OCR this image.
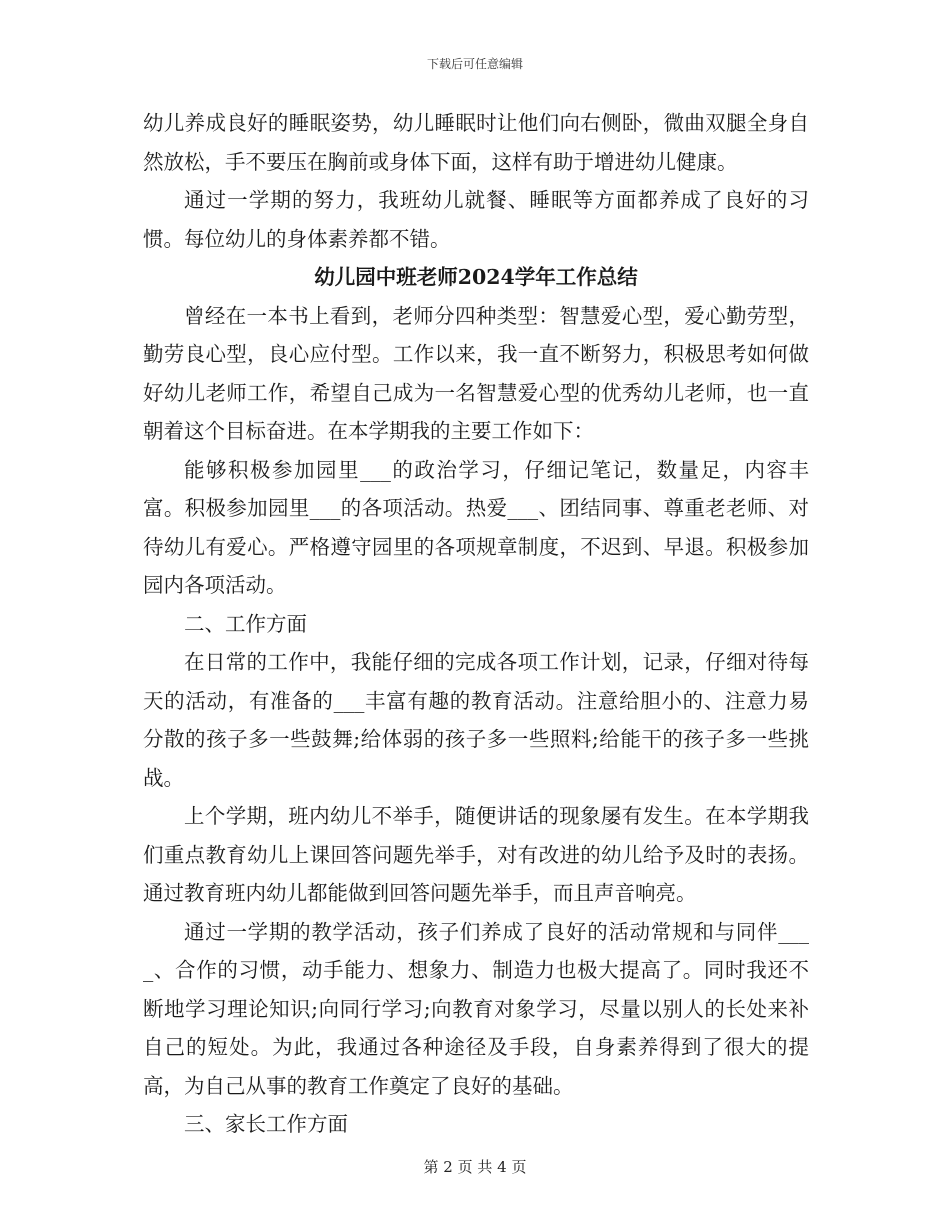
下载后可任意编辑

幼儿养成良好的睡眠姿势，幼儿睡眠时让他们向右侧卧，微曲双腿全身自然放松，手不要压在胸前或身体下面，这样有助于增进幼儿健康。

通过一学期的努力，我班幼儿就餐、睡眠等方面都养成了良好的习惯。每位幼儿的身体素养都不错。

幼儿园中班老师2024学年工作总结

曾经在一本书上看到，老师分四种类型：智慧爱心型，爱心勤劳型，勤劳良心型，良心应付型。工作以来，我一直不断努力，积极思考如何做好幼儿老师工作，希望自己成为一名智慧爱心型的优秀幼儿老师，也一直朝着这个目标奋进。在本学期我的主要工作如下：

能够积极参加园里___的政治学习，仔细记笔记，数量足，内容丰富。积极参加园里___的各项活动。热爱___、团结同事、尊重老老师、对待幼儿有爱心。严格遵守园里的各项规章制度，不迟到、早退。积极参加园内各项活动。

二、工作方面

在日常的工作中，我能仔细的完成各项工作计划，记录，仔细对待每天的活动，有准备的___丰富有趣的教育活动。注意给胆小的、注意力易分散的孩子多一些鼓舞;给体弱的孩子多一些照料;给能干的孩子多一些挑战。

上个学期，班内幼儿不举手，随便讲话的现象屡有发生。在本学期我们重点教育幼儿上课回答问题先举手，对有改进的幼儿给予及时的表扬。通过教育班内幼儿都能做到回答问题先举手，而且声音响亮。

通过一学期的教学活动，孩子们养成了良好的活动常规和与同伴____、合作的习惯，动手能力、想象力、制造力也极大提高了。同时我还不断地学习理论知识;向同行学习;向教育对象学习，尽量以别人的长处来补自己的短处。为此，我通过各种途径及手段，自身素养得到了很大的提高，为自己从事的教育工作奠定了良好的基础。

三、家长工作方面

第 2 页 共 4 页
